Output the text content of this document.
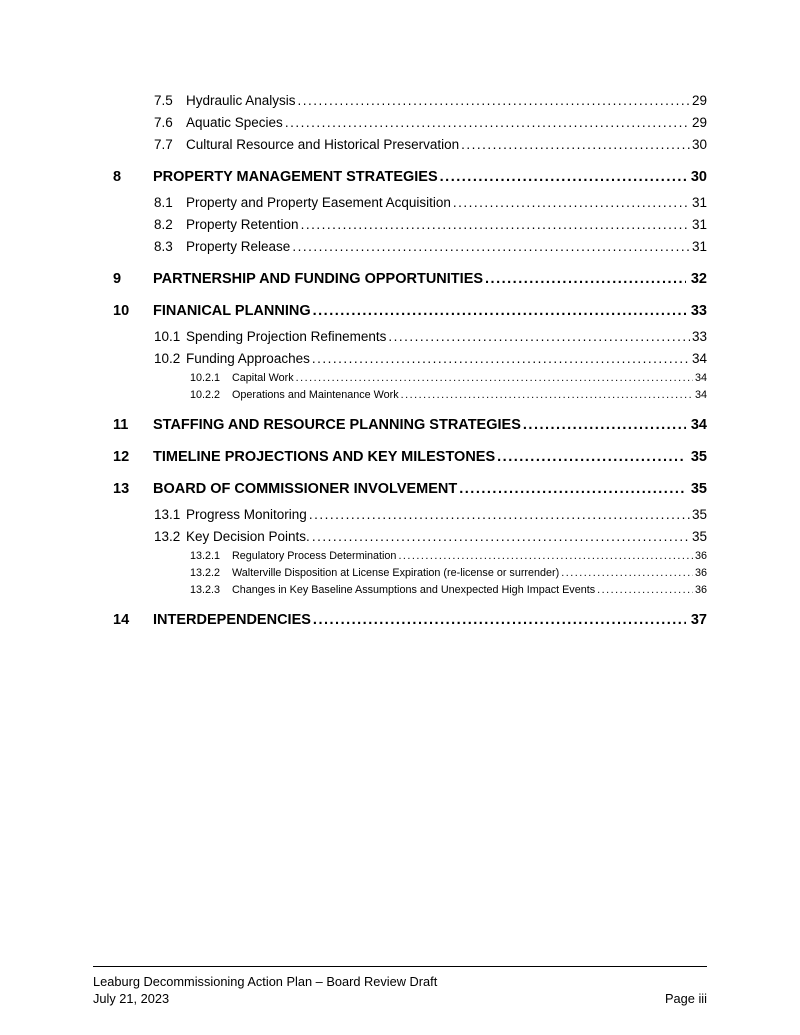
7.5 Hydraulic Analysis .....	29
7.6 Aquatic Species .....	29
7.7 Cultural Resource and Historical Preservation .....	30
8	PROPERTY MANAGEMENT STRATEGIES .....	30
8.1 Property and Property Easement Acquisition .....	31
8.2 Property Retention .....	31
8.3 Property Release .....	31
9	PARTNERSHIP AND FUNDING OPPORTUNITIES .....	32
10	FINANICAL PLANNING .....	33
10.1 Spending Projection Refinements .....	33
10.2 Funding Approaches .....	34
10.2.1	Capital Work .....	34
10.2.2	Operations and Maintenance Work .....	34
11	STAFFING AND RESOURCE PLANNING STRATEGIES .....	34
12	TIMELINE PROJECTIONS AND KEY MILESTONES .....	35
13	BOARD OF COMMISSIONER INVOLVEMENT .....	35
13.1 Progress Monitoring .....	35
13.2 Key Decision Points. .....	35
13.2.1	Regulatory Process Determination .....	36
13.2.2	Walterville Disposition at License Expiration (re-license or surrender) .....	36
13.2.3	Changes in Key Baseline Assumptions and Unexpected High Impact Events .....	36
14	INTERDEPENDENCIES .....	37
Leaburg Decommissioning Action Plan – Board Review Draft
July 21, 2023	Page iii
